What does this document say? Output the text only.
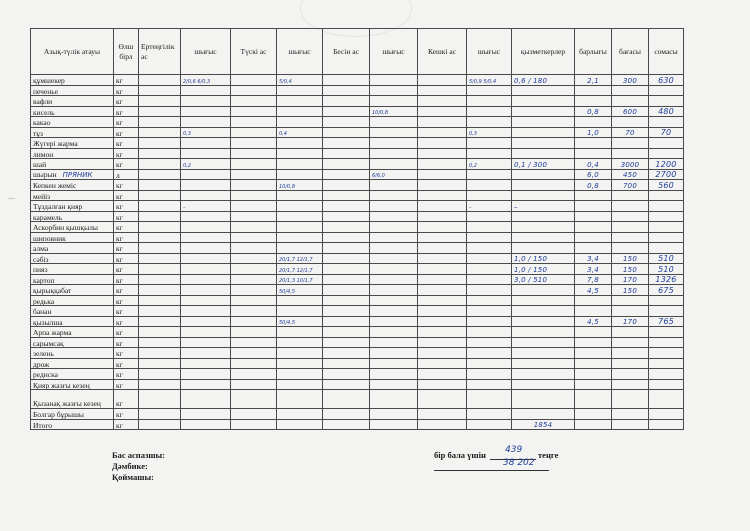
Азық-түлік атауы	Өлш бірл	Ертеңгілік ас	шығыс	Түскі ас	шығыс	Бесін ас	шығыс	Кешкі ас	шығыс	қызметкерлер	барлығы	бағасы	сомасы
құмшекер	кг		2/0,6 6/0,3		5/0,4				5/0,9 5/0,4	0,6 / 180	2,1	300	630
печенье	кг												
вафли	кг												
кисель	кг						10/0,8				0,8	600	480
какао	кг												
тұз	кг		0,3		0,4				0,3		1,0	70	70
Жүгері жарма	кг												
лимон	кг												
шай	кг		0,2						0,2	0,1 / 300	0,4	3000	1200
шырын ПРЯНИК	л						6/6,0				6,0	450	2700
Кепкен жеміс	кг				10/0,8						0,8	700	560
мейіз	кг												
Тұздалған қияр	кг		–						–	–			
карамель	кг												
Аскорбин қышқылы	кг												
шиповник	кг												
алма	кг												
сәбіз	кг				20/1,7 12/1,7					1,0 / 150	3,4	150	510
пияз	кг				20/1,7 12/1,7					1,0 / 150	3,4	150	510
картоп	кг				20/1,3 10/1,7					3,0 / 510	7,8	170	1326
қырыққабат	кг				50/4,5						4,5	150	675
редька	кг												
банан	кг												
қызылша	кг				50/4,5						4,5	170	765
Арпа жарма	кг												
сарымсақ	кг												
зелень	кг												
дрож	кг												
редиска	кг												
Қияр жазғы кезең	кг												
Қызанақ жазғы кезең	кг												
Болгар бұрышы	кг												
Итого	кг									1854			
Бас аспазшы:
Дәмбике:
Қоймашы:
бір бала үшін 439 теңге
38 202
—
